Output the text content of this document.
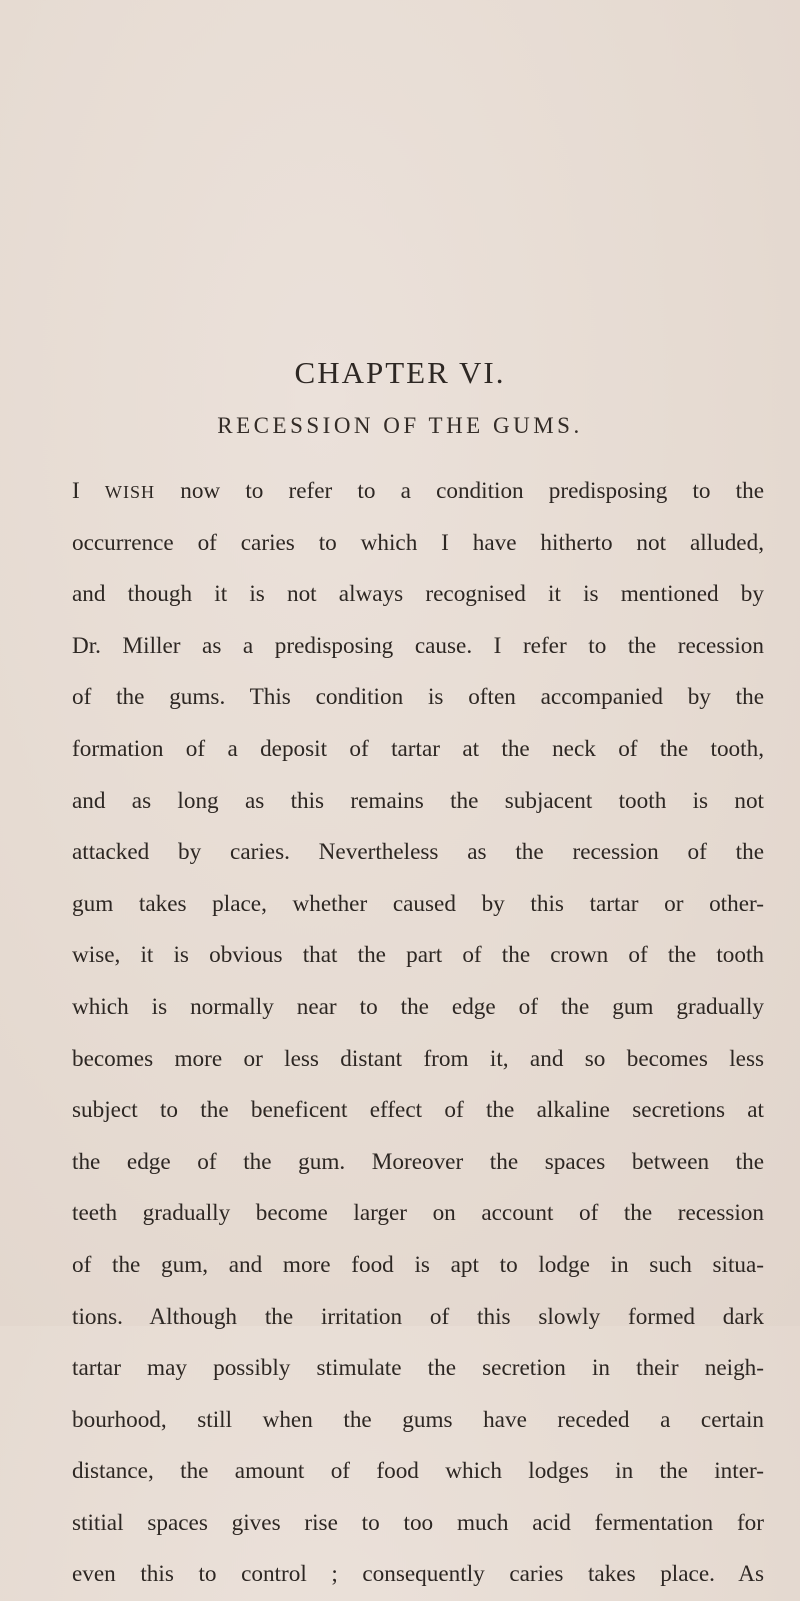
CHAPTER VI.
RECESSION OF THE GUMS.
I WISH now to refer to a condition predisposing to the
occurrence of caries to which I have hitherto not alluded,
and though it is not always recognised it is mentioned by
Dr. Miller as a predisposing cause. I refer to the recession
of the gums. This condition is often accompanied by the
formation of a deposit of tartar at the neck of the tooth,
and as long as this remains the subjacent tooth is not
attacked by caries. Nevertheless as the recession of the
gum takes place, whether caused by this tartar or other-
wise, it is obvious that the part of the crown of the tooth
which is normally near to the edge of the gum gradually
becomes more or less distant from it, and so becomes less
subject to the beneficent effect of the alkaline secretions at
the edge of the gum. Moreover the spaces between the
teeth gradually become larger on account of the recession
of the gum, and more food is apt to lodge in such situa-
tions. Although the irritation of this slowly formed dark
tartar may possibly stimulate the secretion in their neigh-
bourhood, still when the gums have receded a certain
distance, the amount of food which lodges in the inter-
stitial spaces gives rise to too much acid fermentation for
even this to control ; consequently caries takes place. As
